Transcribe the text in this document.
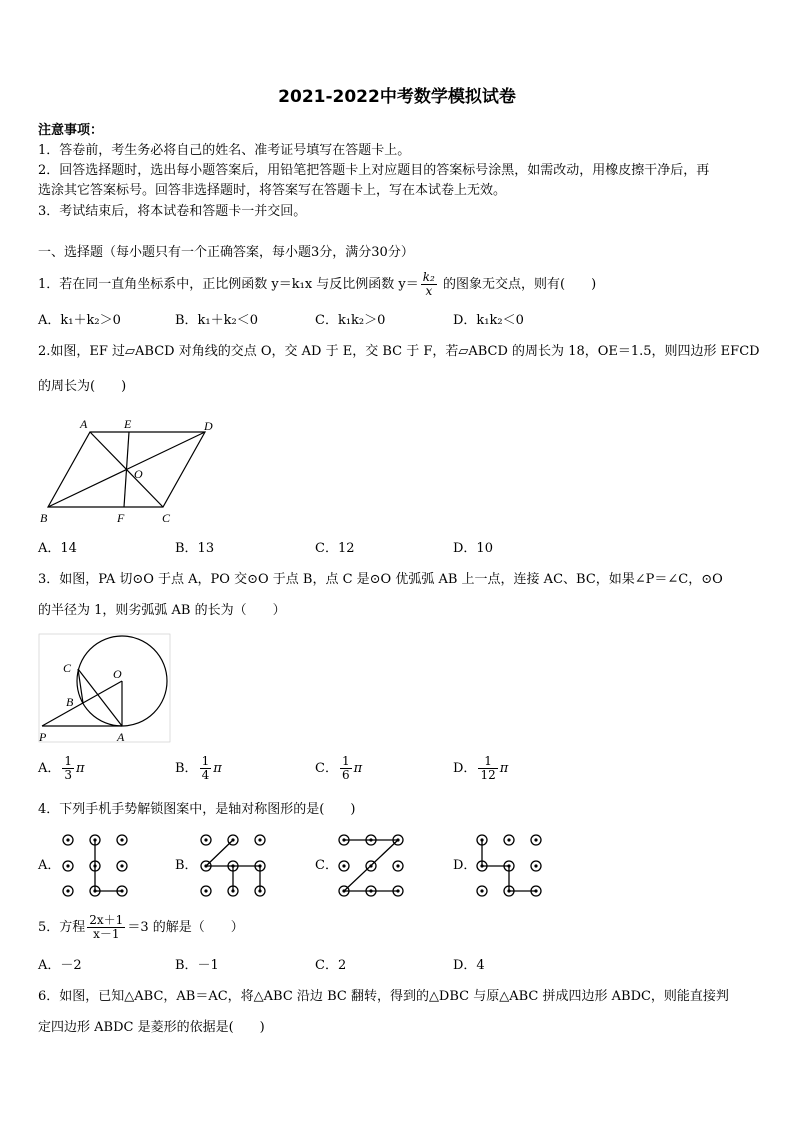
2021-2022中考数学模拟试卷
注意事项：
1．答卷前，考生务必将自己的姓名、准考证号填写在答题卡上。
2．回答选择题时，选出每小题答案后，用铅笔把答题卡上对应题目的答案标号涂黑，如需改动，用橡皮擦干净后，再
选涂其它答案标号。回答非选择题时，将答案写在答题卡上，写在本试卷上无效。
3．考试结束后，将本试卷和答题卡一并交回。
一、选择题（每小题只有一个正确答案，每小题3分，满分30分）
1．若在同一直角坐标系中，正比例函数 y＝k₁x 与反比例函数 $y= \frac{\text{k₂}}{x}$ 的图象无交点，则有(　　)
A．k₁＋k₂＞0	B．k₁＋k₂＜0	C．k₁k₂＞0	D．k₁k₂＜0
2.如图，EF 过▱ABCD 对角线的交点 O，交 AD 于 E，交 BC 于 F，若▱ABCD 的周长为 18，OE＝1.5，则四边形 EFCD
的周长为(　　)
A	E	D
O
B	F	C
C	O
B
P	A
A．14	B．13	C．12	D．10
3．如图，PA 切⊙O 于点 A，PO 交⊙O 于点 B，点 C 是⊙O 优弧弧 AB 上一点，连接 AC、BC，如果∠P＝∠C，⊙O
的半径为 1，则劣弧弧 AB 的长为（　　）
A． $\frac{1}{3}$ π	B． $\frac{1}{4}$ π	C． $\frac{1}{6}$ π	D． $\frac{1}{12}$ π
4．下列手机手势解锁图案中，是轴对称图形的是(　　)
A．	B．	C．	D．
5．方程 $\frac{2x+1}{x-1} =3$ 的解是（　　）
A．－2	B．－1	C．2	D．4
6．如图，已知△ABC，AB＝AC，将△ABC 沿边 BC 翻转，得到的△DBC 与原△ABC 拼成四边形 ABDC，则能直接判
定四边形 ABDC 是菱形的依据是(　　)
